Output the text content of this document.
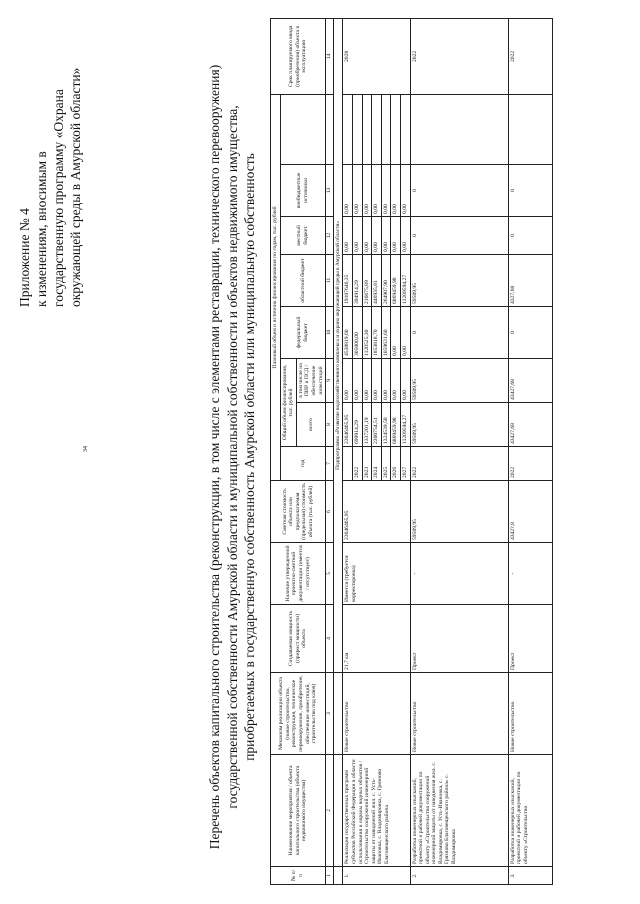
34
Приложение № 4 к изменениям, вносимым в государственную программу «Охрана окружающей среды в Амурской области»	Перечень объектов капитального строительства (реконструкции, в том числе с элементами реставрации, технического перевооружения) государственной собственности Амурской области и муниципальной собственности и объектов недвижимого имущества, приобретаемых в государственную собственность Амурской области или муниципальную собственность
№ п/п	Наименование мероприятия / объекта капитального строительства (объекта недвижимого имущества)	Механизм реализации объекта (новое строительство, реконструкция, техническое перевооружение, приобретение, обеспечение инвестиций, строительство под ключ)	Создаваемая мощность (прирост мощности) объекта	Наличие утвержденной проектно-сметной документации (имеется / отсутствует)	Сметная стоимость объекта или предполагаемая (предельная) стоимость объекта (тыс. рублей)	Плановый объем и источник финансирования по годам, тыс. рублей								Срок планируемого ввода (приобретения) объекта в эксплуатацию
						год	Общий объем финансирования, тыс. рублей		федеральный бюджет	областной бюджет	местный бюджет	внебюджетные источники		
							всего	в том числе на ПИР и ПСД / обеспечение инвестиций						
1	2	3	4	5	6	7	8	9	10	11	12	13		14
			Подпрограмма «Развитие водохозяйственного комплекса и охрана окружающей среды в Амурской области»											
1.	Реализация государственных программ субъектов Российской Федерации в области использования и охраны водных объектов / Строительство сооружений инженерной защиты от наводнений жил. с. Усть-Ивановка, с. Владимировка, с. Грязново Благовещенского района	Новое строительство	21,7 км	Имеется (требуется корректировка)	23646465,95		23646465,95	0,00	4538819,60	19107646,35	0,00	0,00		2028
						2022	699914,29	0,00	305000,00	394914,29	0,00	0,00		
						2023	1337201,19	0,00	1120525,30	216675,89	0,00	0,00		
						2024	2300754,51	0,00	1853818,70	446935,81	0,00	0,00		
						2025	1324539,50	0,00	1059631,60	264907,90	0,00	0,00		
						2026	6869459,98	0,00	0,00	6869459,98	0,00	0,00		
						2027	11209594,27	0,00	0,00	11209594,27	0,00	0,00		
2.	Разработка инженерных изысканий, проектной и рабочей документации по объекту «Строительство сооружений инженерной защиты от наводнения жил. с. Владимировка, с. Усть-Ивановка, с. Грязново Благовещенского района» с. Владимировка	Новое строительство	Проект	-	59589,95	2022	59589,95	59589,95	0	59589,95	0	0		2022
3.	Разработка инженерных изысканий, проектной и рабочей документации по объекту «Строительство	Новое строительство	Проект	-	4342?,8	2022	43427,68	43427,68	0	4327,68	0	0		2022
